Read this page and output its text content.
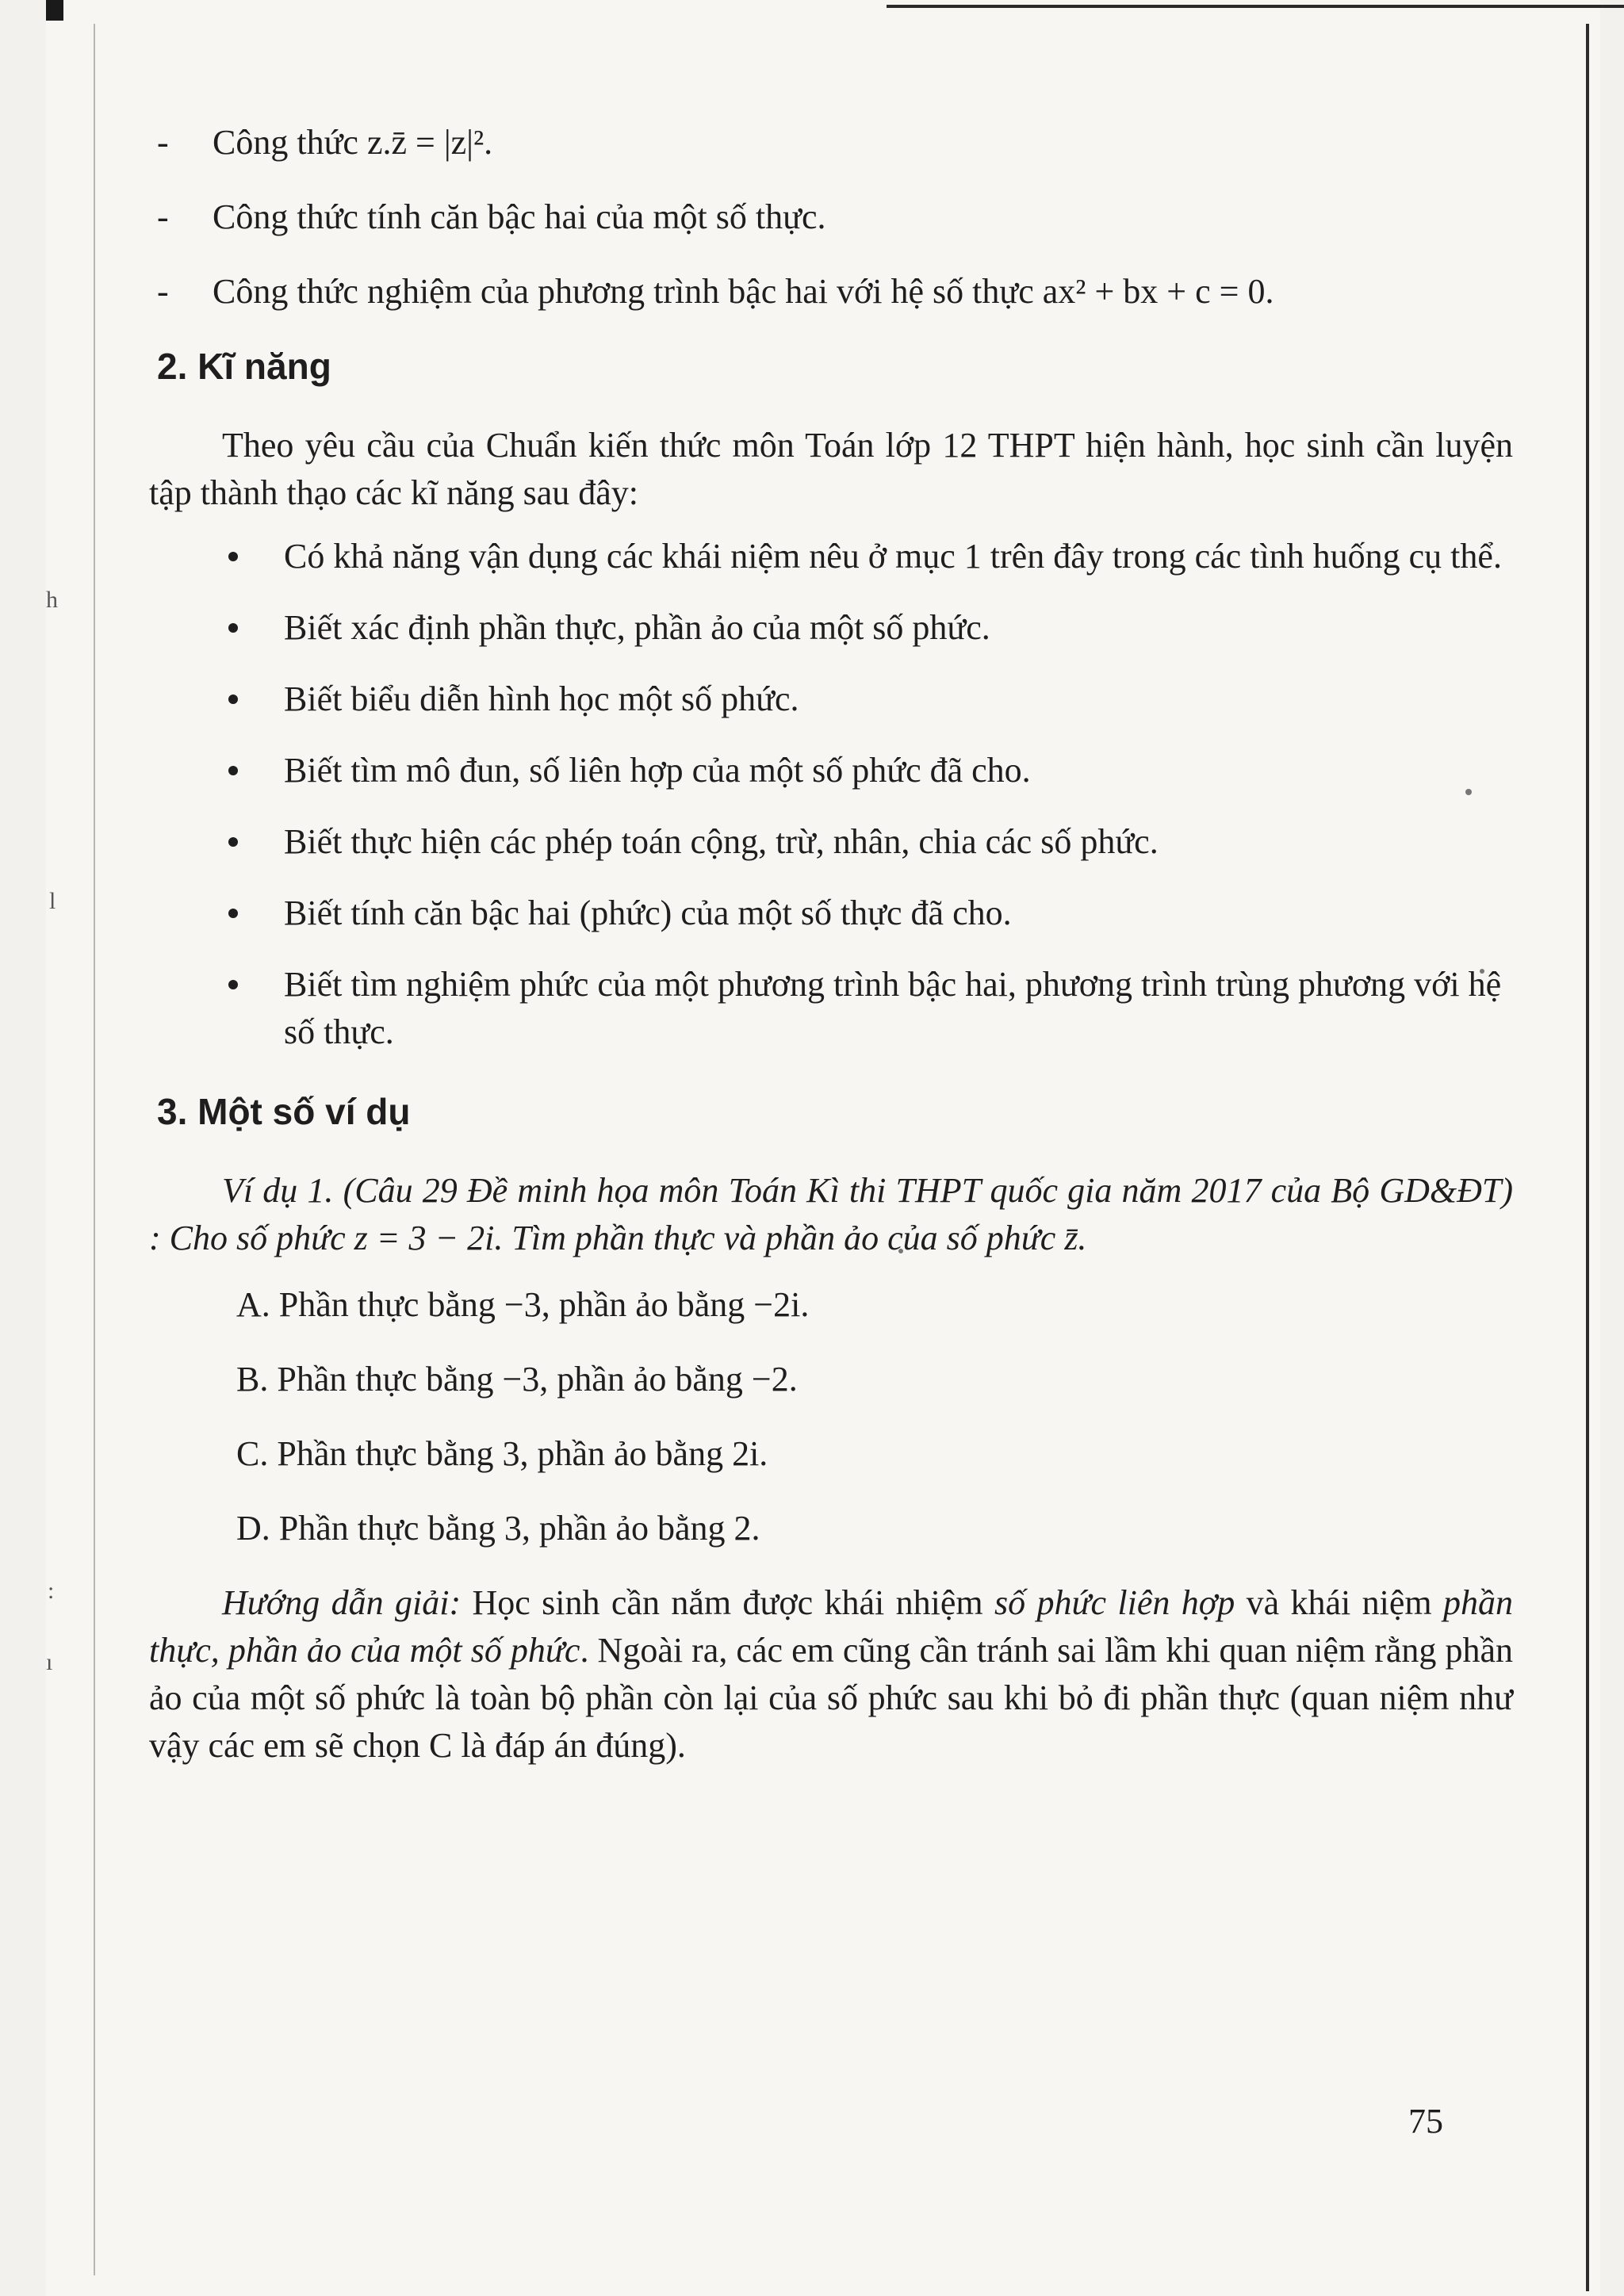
h
l
:
ı

- Công thức z.z̄ = |z|².

- Công thức tính căn bậc hai của một số thực.

- Công thức nghiệm của phương trình bậc hai với hệ số thực ax² + bx + c = 0.

2. Kĩ năng

Theo yêu cầu của Chuẩn kiến thức môn Toán lớp 12 THPT hiện hành, học sinh cần luyện tập thành thạo các kĩ năng sau đây:

Có khả năng vận dụng các khái niệm nêu ở mục 1 trên đây trong các tình huống cụ thể.

Biết xác định phần thực, phần ảo của một số phức.

Biết biểu diễn hình học một số phức.

Biết tìm mô đun, số liên hợp của một số phức đã cho.

Biết thực hiện các phép toán cộng, trừ, nhân, chia các số phức.

Biết tính căn bậc hai (phức) của một số thực đã cho.

Biết tìm nghiệm phức của một phương trình bậc hai, phương trình trùng phương với hệ số thực.

3. Một số ví dụ

Ví dụ 1. (Câu 29 Đề minh họa môn Toán Kì thi THPT quốc gia năm 2017 của Bộ GD&ĐT) : Cho số phức z = 3 − 2i. Tìm phần thực và phần ảo của số phức z̄.

A. Phần thực bằng −3, phần ảo bằng −2i.

B. Phần thực bằng −3, phần ảo bằng −2.

C. Phần thực bằng 3, phần ảo bằng 2i.

D. Phần thực bằng 3, phần ảo bằng 2.

Hướng dẫn giải: Học sinh cần nắm được khái nhiệm số phức liên hợp và khái niệm phần thực, phần ảo của một số phức. Ngoài ra, các em cũng cần tránh sai lầm khi quan niệm rằng phần ảo của một số phức là toàn bộ phần còn lại của số phức sau khi bỏ đi phần thực (quan niệm như vậy các em sẽ chọn C là đáp án đúng).

75
